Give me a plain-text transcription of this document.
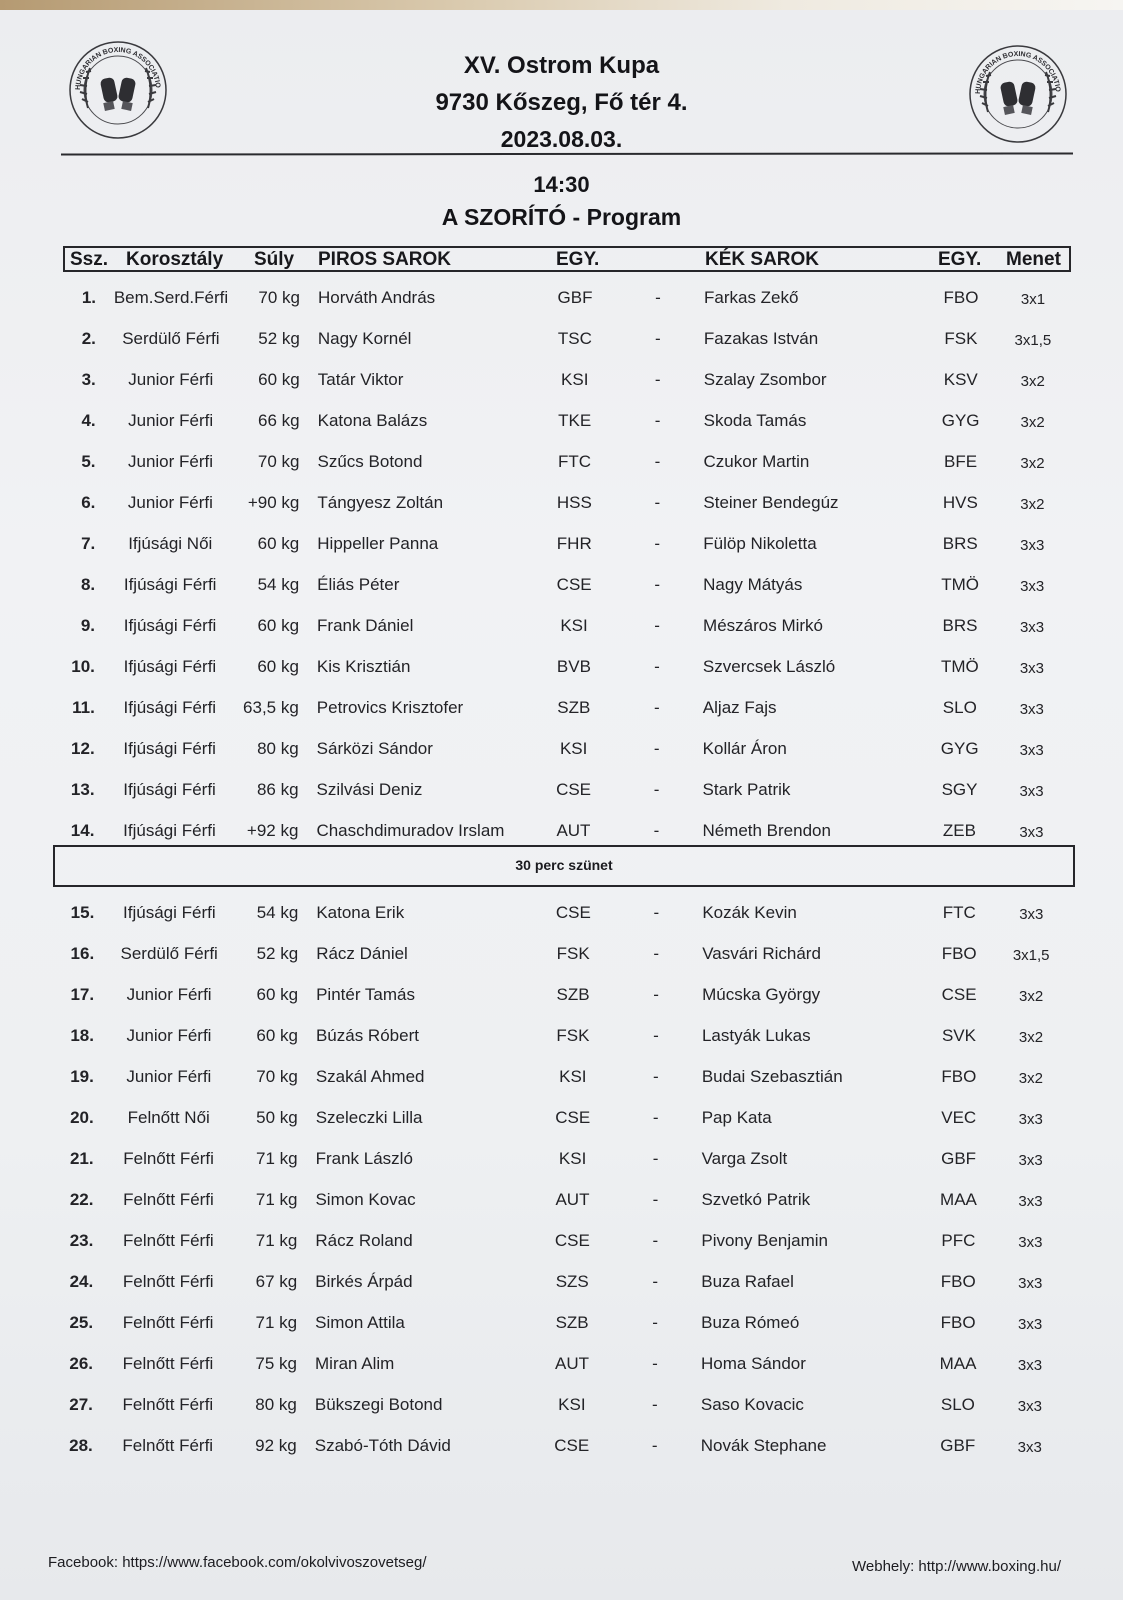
HUNGARIAN BOXING ASSOCIATIO
HUNGARIAN BOXING ASSOCIATIO
XV. Ostrom Kupa
9730 Kőszeg, Fő tér 4.
2023.08.03.
14:30
A SZORÍTÓ - Program
Ssz. Korosztály Súly PIROS SAROK	EGY.	KÉK SAROK	EGY. Menet
1.	Bem.Serd.Férfi	70 kg Horváth András	GBF	-	Farkas Zekő	FBO	3x1
2.	Serdülő Férfi	52 kg Nagy Kornél	TSC	-	Fazakas István	FSK	3x1,5
3.	Junior Férfi	60 kg Tatár Viktor	KSI	-	Szalay Zsombor	KSV	3x2
4.	Junior Férfi	66 kg Katona Balázs	TKE	-	Skoda Tamás	GYG	3x2
5.	Junior Férfi	70 kg Szűcs Botond	FTC	-	Czukor Martin	BFE	3x2
6.	Junior Férfi	+90 kg Tángyesz Zoltán	HSS	-	Steiner Bendegúz	HVS	3x2
7.	Ifjúsági Női	60 kg Hippeller Panna	FHR	-	Fülöp Nikoletta	BRS	3x3
8.	Ifjúsági Férfi	54 kg Éliás Péter	CSE	-	Nagy Mátyás	TMÖ	3x3
9.	Ifjúsági Férfi	60 kg Frank Dániel	KSI	-	Mészáros Mirkó	BRS	3x3
10.	Ifjúsági Férfi	60 kg Kis Krisztián	BVB	-	Szvercsek László	TMÖ	3x3
11.	Ifjúsági Férfi	63,5 kg Petrovics Krisztofer	SZB	-	Aljaz Fajs	SLO	3x3
12.	Ifjúsági Férfi	80 kg Sárközi Sándor	KSI	-	Kollár Áron	GYG	3x3
13.	Ifjúsági Férfi	86 kg Szilvási Deniz	CSE	-	Stark Patrik	SGY	3x3
14.	Ifjúsági Férfi	+92 kg Chaschdimuradov Irslam	AUT	-	Németh Brendon	ZEB	3x3
15.	Ifjúsági Férfi	54 kg Katona Erik	CSE	-	Kozák Kevin	FTC	3x3
16.	Serdülő Férfi	52 kg Rácz Dániel	FSK	-	Vasvári Richárd	FBO	3x1,5
17.	Junior Férfi	60 kg Pintér Tamás	SZB	-	Múcska György	CSE	3x2
18.	Junior Férfi	60 kg Búzás Róbert	FSK	-	Lastyák Lukas	SVK	3x2
19.	Junior Férfi	70 kg Szakál Ahmed	KSI	-	Budai Szebasztián	FBO	3x2
20.	Felnőtt Női	50 kg Szeleczki Lilla	CSE	-	Pap Kata	VEC	3x3
21.	Felnőtt Férfi	71 kg Frank László	KSI	-	Varga Zsolt	GBF	3x3
22.	Felnőtt Férfi	71 kg Simon Kovac	AUT	-	Szvetkó Patrik	MAA	3x3
23.	Felnőtt Férfi	71 kg Rácz Roland	CSE	-	Pivony Benjamin	PFC	3x3
24.	Felnőtt Férfi	67 kg Birkés Árpád	SZS	-	Buza Rafael	FBO	3x3
25.	Felnőtt Férfi	71 kg Simon Attila	SZB	-	Buza Rómeó	FBO	3x3
26.	Felnőtt Férfi	75 kg Miran Alim	AUT	-	Homa Sándor	MAA	3x3
27.	Felnőtt Férfi	80 kg Bükszegi Botond	KSI	-	Saso Kovacic	SLO	3x3
28.	Felnőtt Férfi	92 kg Szabó-Tóth Dávid	CSE	-	Novák Stephane	GBF	3x3
30 perc szünet
Facebook: https://www.facebook.com/okolvivoszovetseg/	Webhely: http://www.boxing.hu/
